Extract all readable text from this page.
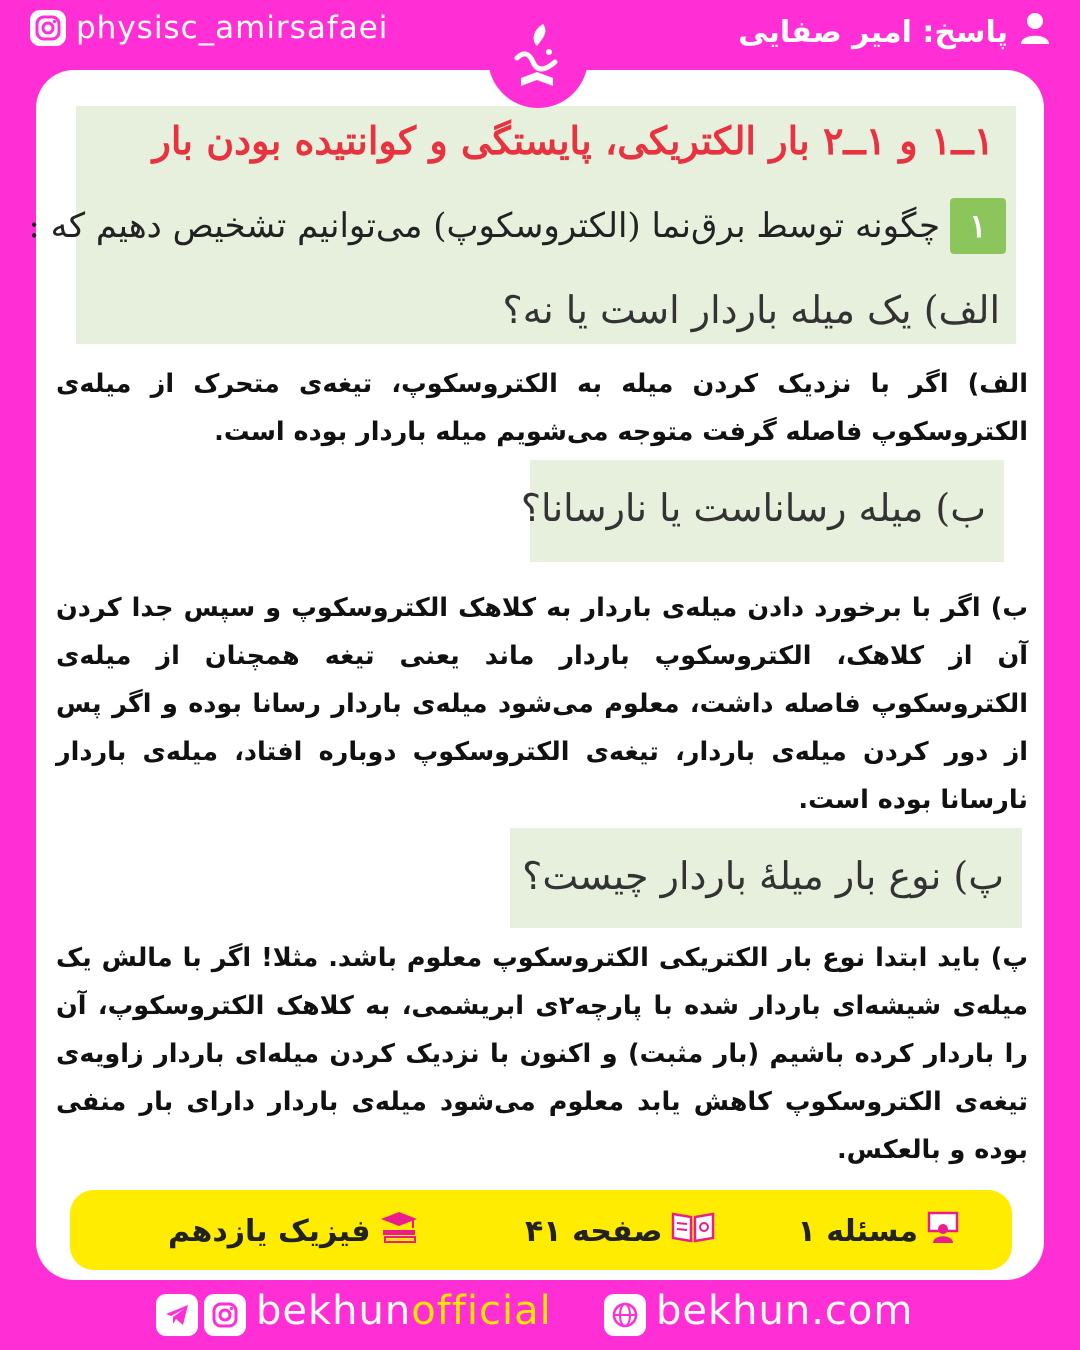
physisc_amirsafaei	پاسخ: امیر صفایی
۱ــ۱ و ۱ــ۲ بار الکتریکی، پایستگی و کوانتیده بودن بار
۱
چگونه توسط برق‌نما (الکتروسکوپ) می‌توانیم تشخیص دهیم که :
الف) یک میله باردار است یا نه؟
الف) اگر با نزدیک کردن میله به الکتروسکوپ، تیغه‌ی متحرک از میله‌ی الکتروسکوپ فاصله گرفت متوجه می‌شویم میله باردار بوده است.
ب) میله رساناست یا نارسانا؟
ب) اگر با برخورد دادن میله‌ی باردار به کلاهک الکتروسکوپ و سپس جدا کردن آن از کلاهک، الکتروسکوپ باردار ماند یعنی تیغه همچنان از میله‌ی الکتروسکوپ فاصله داشت، معلوم می‌شود میله‌ی باردار رسانا بوده و اگر پس از دور کردن میله‌ی باردار، تیغه‌ی الکتروسکوپ دوباره افتاد، میله‌ی باردار نارسانا بوده است.
پ) نوع بار میلهٔ باردار چیست؟
پ) باید ابتدا نوع بار الکتریکی الکتروسکوپ معلوم باشد. مثلا! اگر با مالش یک میله‌ی شیشه‌ای باردار شده با پارچه۲ی ابریشمی، به کلاهک الکتروسکوپ، آن را باردار کرده باشیم (بار مثبت) و اکنون با نزدیک کردن میله‌ای باردار زاویه‌ی تیغه‌ی الکتروسکوپ کاهش یابد معلوم می‌شود میله‌ی باردار دارای بار منفی بوده و بالعکس.
مسئله ۱
صفحه ۴۱
فیزیک یازدهم
bekhunofficial	bekhun.com
